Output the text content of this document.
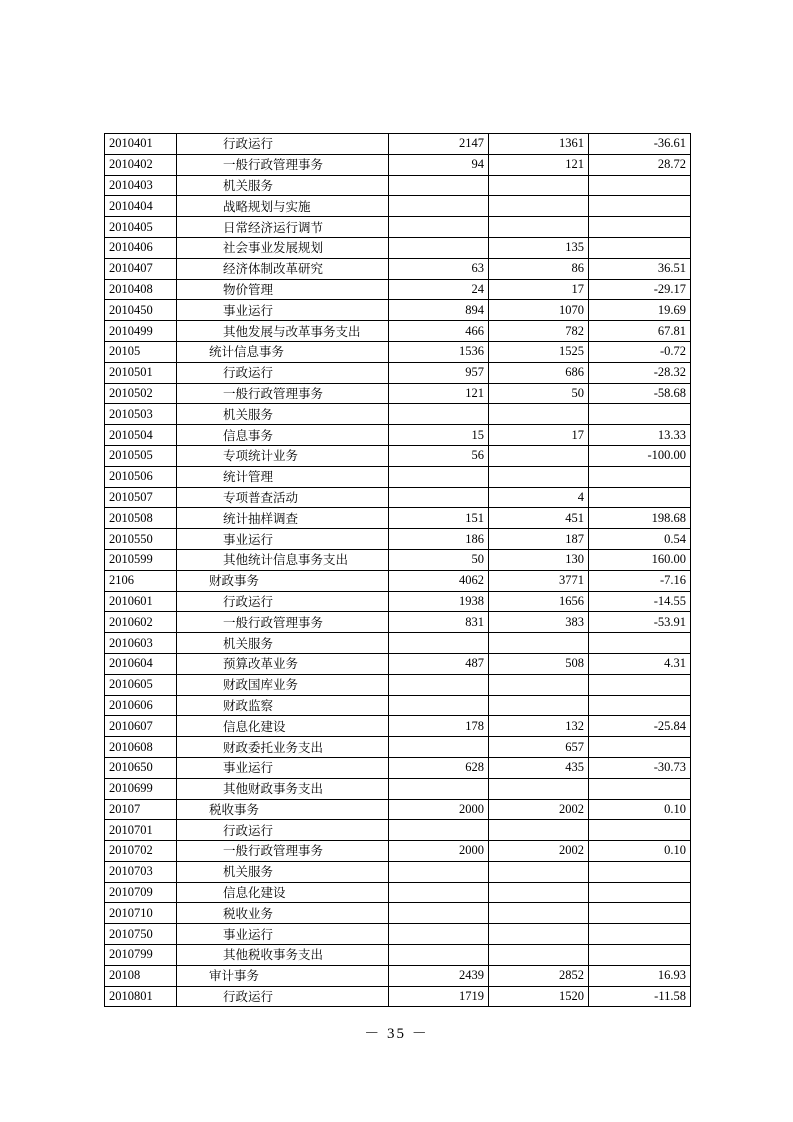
2010401	行政运行	2147	1361	-36.61
2010402	一般行政管理事务	94	121	28.72
2010403	机关服务			
2010404	战略规划与实施			
2010405	日常经济运行调节			
2010406	社会事业发展规划		135	
2010407	经济体制改革研究	63	86	36.51
2010408	物价管理	24	17	-29.17
2010450	事业运行	894	1070	19.69
2010499	其他发展与改革事务支出	466	782	67.81
20105	统计信息事务	1536	1525	-0.72
2010501	行政运行	957	686	-28.32
2010502	一般行政管理事务	121	50	-58.68
2010503	机关服务			
2010504	信息事务	15	17	13.33
2010505	专项统计业务	56		-100.00
2010506	统计管理			
2010507	专项普查活动		4	
2010508	统计抽样调查	151	451	198.68
2010550	事业运行	186	187	0.54
2010599	其他统计信息事务支出	50	130	160.00
2106	财政事务	4062	3771	-7.16
2010601	行政运行	1938	1656	-14.55
2010602	一般行政管理事务	831	383	-53.91
2010603	机关服务			
2010604	预算改革业务	487	508	4.31
2010605	财政国库业务			
2010606	财政监察			
2010607	信息化建设	178	132	-25.84
2010608	财政委托业务支出		657	
2010650	事业运行	628	435	-30.73
2010699	其他财政事务支出			
20107	税收事务	2000	2002	0.10
2010701	行政运行			
2010702	一般行政管理事务	2000	2002	0.10
2010703	机关服务			
2010709	信息化建设			
2010710	税收业务			
2010750	事业运行			
2010799	其他税收事务支出			
20108	审计事务	2439	2852	16.93
2010801	行政运行	1719	1520	-11.58
－ 35 －
